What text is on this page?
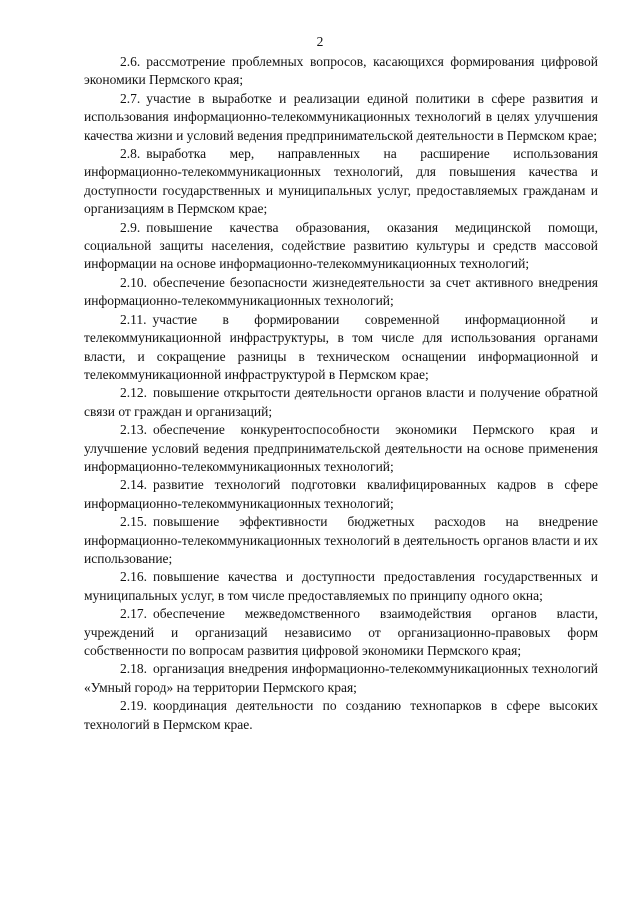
2

2.6. рассмотрение проблемных вопросов, касающихся формирования цифровой экономики Пермского края;

2.7. участие в выработке и реализации единой политики в сфере развития и использования информационно-телекоммуникационных технологий в целях улучшения качества жизни и условий ведения предпринимательской деятельности в Пермском крае;

2.8. выработка мер, направленных на расширение использования информационно-телекоммуникационных технологий, для повышения качества и доступности государственных и муниципальных услуг, предоставляемых гражданам и организациям в Пермском крае;

2.9. повышение качества образования, оказания медицинской помощи, социальной защиты населения, содействие развитию культуры и средств массовой информации на основе информационно-телекоммуникационных технологий;

2.10. обеспечение безопасности жизнедеятельности за счет активного внедрения информационно-телекоммуникационных технологий;

2.11. участие в формировании современной информационной и телекоммуникационной инфраструктуры, в том числе для использования органами власти, и сокращение разницы в техническом оснащении информационной и телекоммуникационной инфраструктурой в Пермском крае;

2.12. повышение открытости деятельности органов власти и получение обратной связи от граждан и организаций;

2.13. обеспечение конкурентоспособности экономики Пермского края и улучшение условий ведения предпринимательской деятельности на основе применения информационно-телекоммуникационных технологий;

2.14. развитие технологий подготовки квалифицированных кадров в сфере информационно-телекоммуникационных технологий;

2.15. повышение эффективности бюджетных расходов на внедрение информационно-телекоммуникационных технологий в деятельность органов власти и их использование;

2.16. повышение качества и доступности предоставления государственных и муниципальных услуг, в том числе предоставляемых по принципу одного окна;

2.17. обеспечение межведомственного взаимодействия органов власти, учреждений и организаций независимо от организационно-правовых форм собственности по вопросам развития цифровой экономики Пермского края;

2.18. организация внедрения информационно-телекоммуникационных технологий «Умный город» на территории Пермского края;

2.19. координация деятельности по созданию технопарков в сфере высоких технологий в Пермском крае.
